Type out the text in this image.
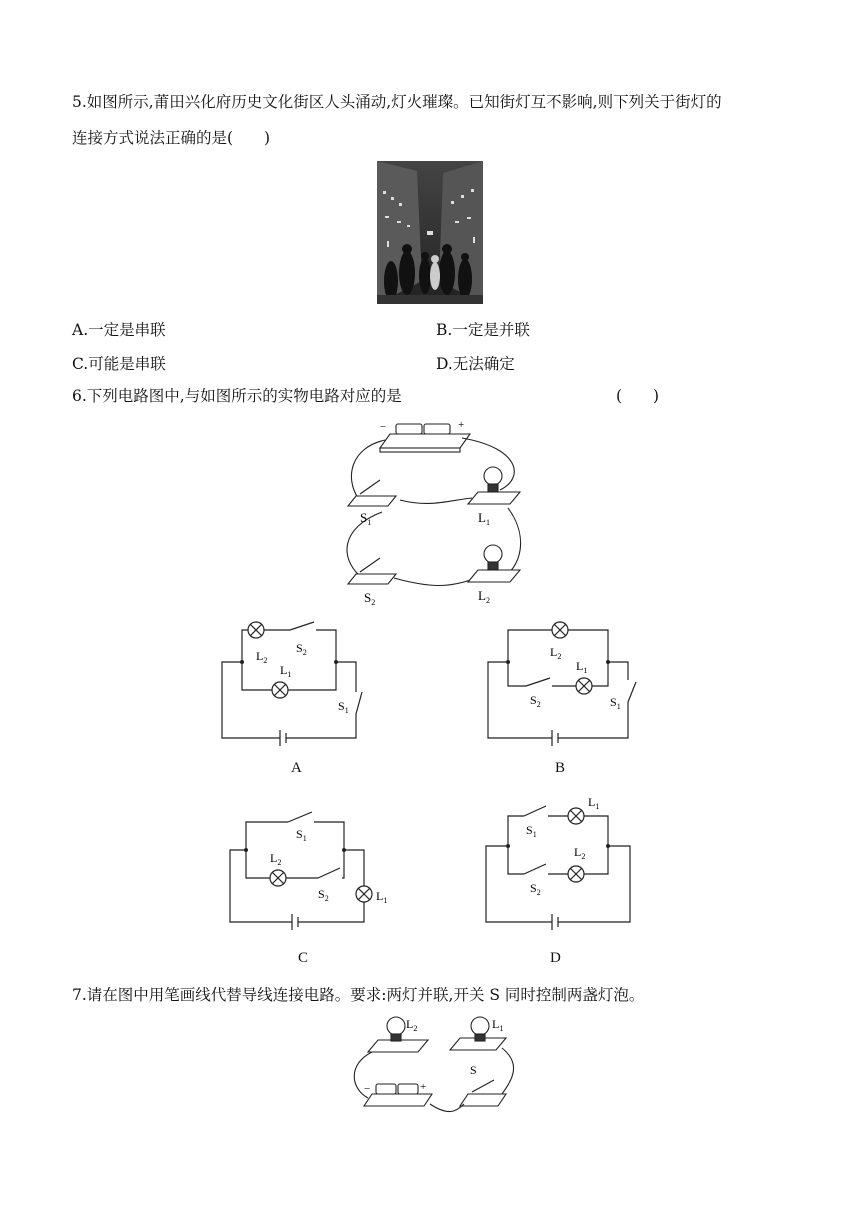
5.如图所示,莆田兴化府历史文化街区人头涌动,灯火璀璨。已知街灯互不影响,则下列关于街灯的
连接方式说法正确的是(　　)
A.一定是串联	B.一定是并联
C.可能是串联	D.无法确定
6.下列电路图中,与如图所示的实物电路对应的是	(　　)
−	+
$S_1$	$L_1$
$S_2$	$L_2$
$L_2$
$L_1$
$S_2$
$S_1$
A
$L_2$
$L_1$
$S_2$	$S_1$
B
$S_1$
$L_2$
$S_2$	$L_1$
C
$L_1$
$S_1$
$L_2$
$S_2$
D
7.请在图中用笔画线代替导线连接电路。要求:两灯并联,开关 S 同时控制两盏灯泡。
$L_2$	$L_1$
S
−	+
